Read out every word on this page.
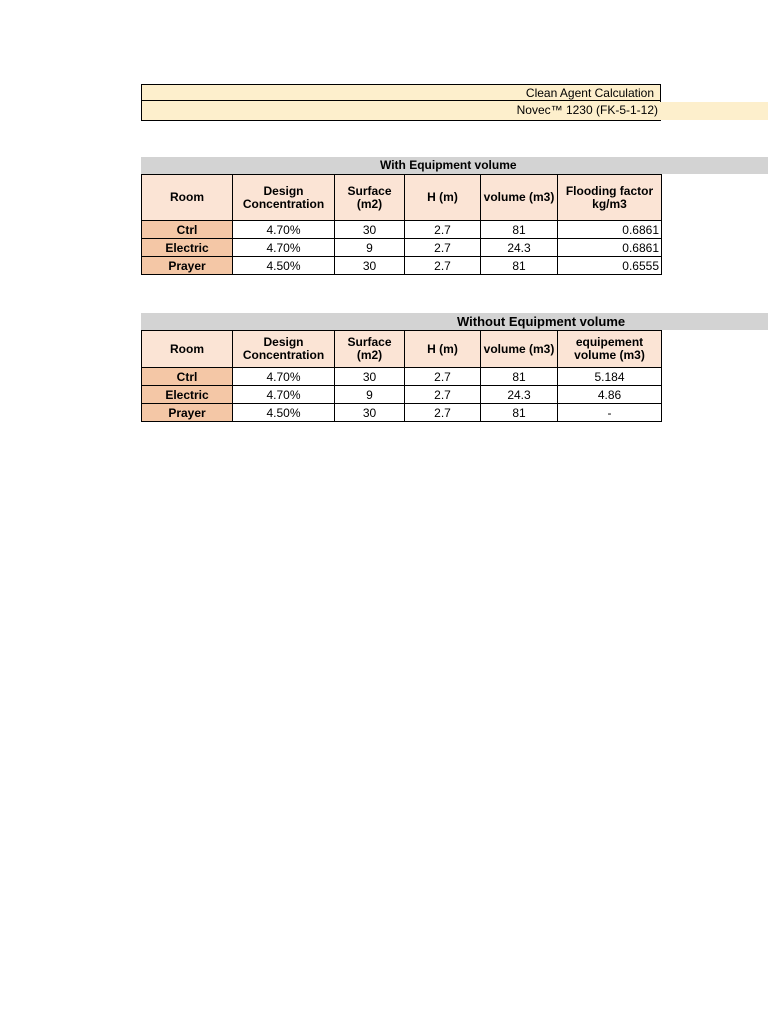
Clean Agent Calculation
Novec™ 1230 (FK-5-1-12)
With Equipment volume
Room	Design Concentration	Surface (m2)	H (m)	volume (m3)	Flooding factor kg/m3
Ctrl	4.70%	30	2.7	81	0.6861
Electric	4.70%	9	2.7	24.3	0.6861
Prayer	4.50%	30	2.7	81	0.6555
Without Equipment volume
Room	Design Concentration	Surface (m2)	H (m)	volume (m3)	equipement volume (m3)
Ctrl	4.70%	30	2.7	81	5.184
Electric	4.70%	9	2.7	24.3	4.86
Prayer	4.50%	30	2.7	81	-
